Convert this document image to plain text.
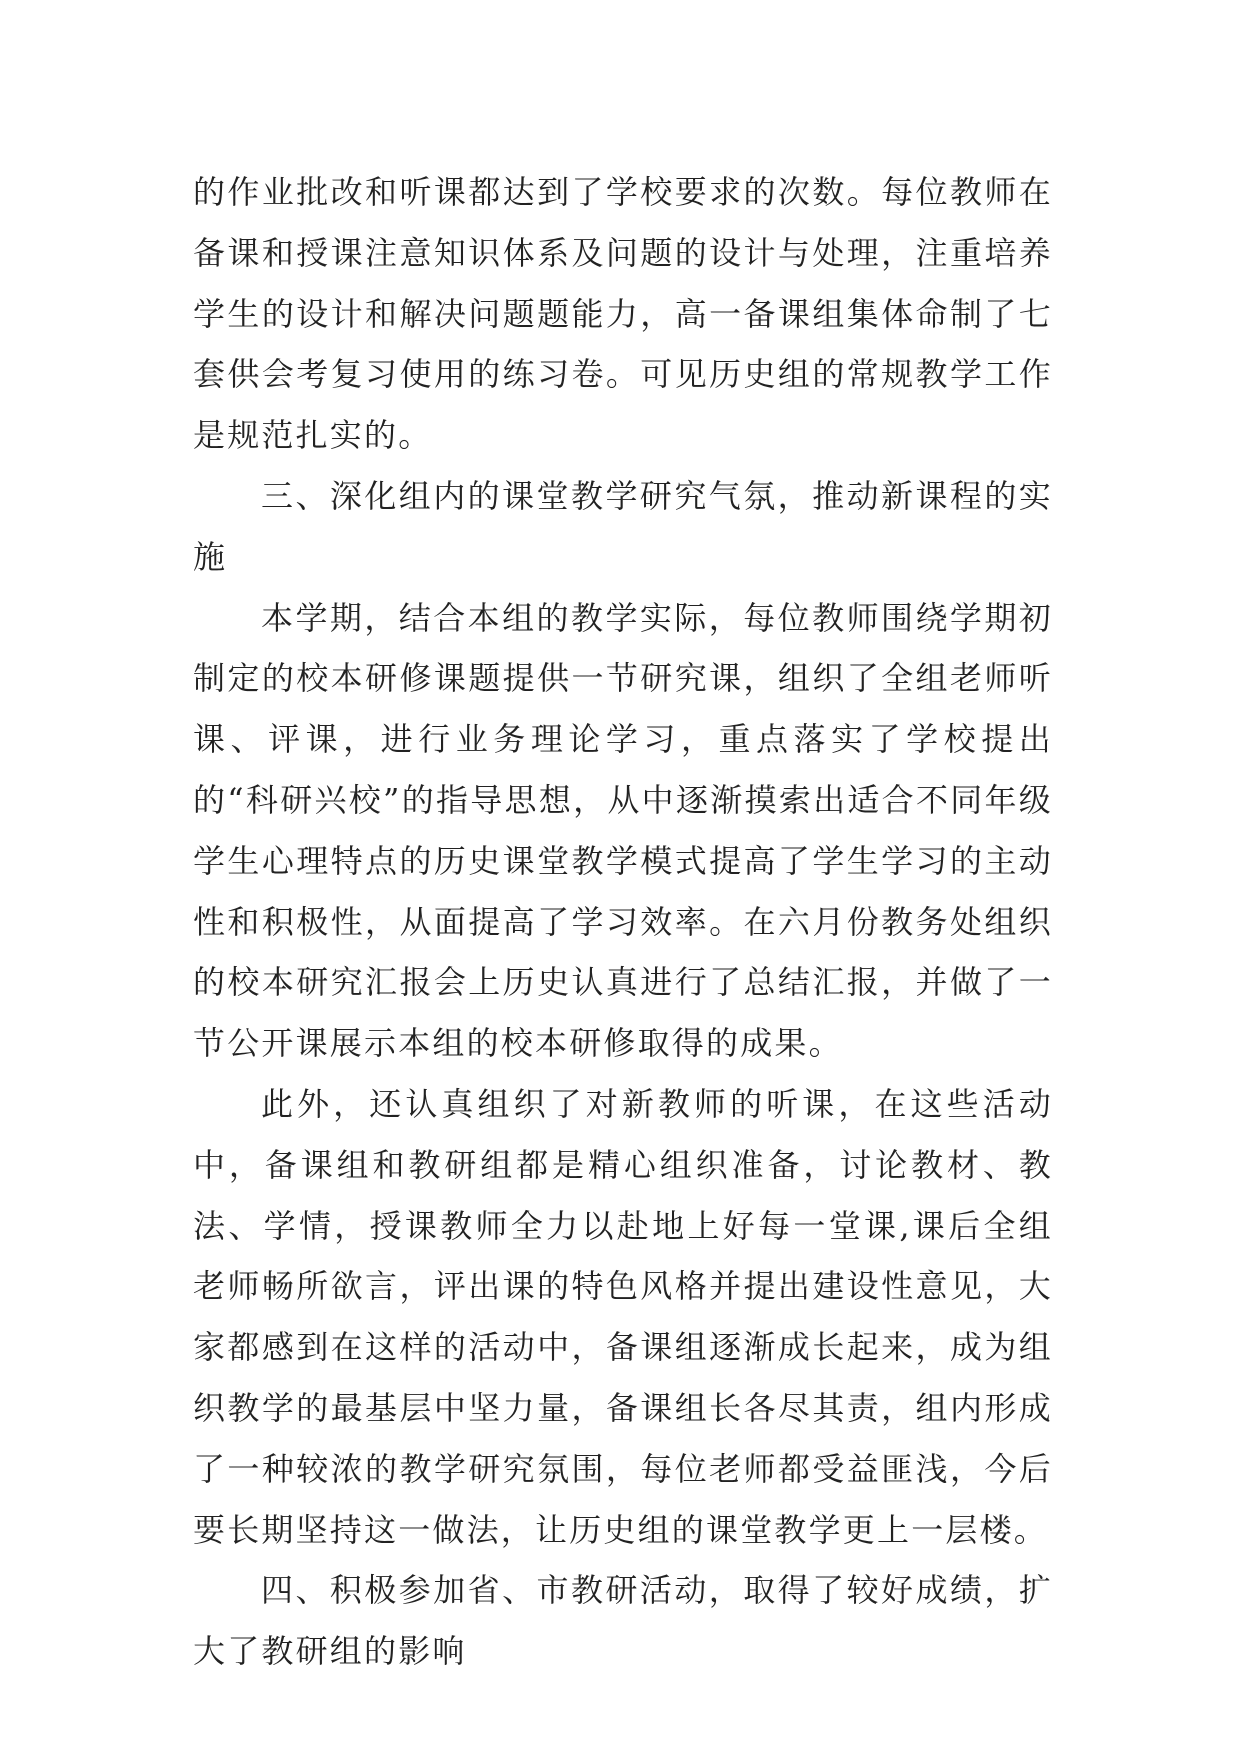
的作业批改和听课都达到了学校要求的次数。每位教师在备课和授课注意知识体系及问题的设计与处理，注重培养学生的设计和解决问题题能力，高一备课组集体命制了七套供会考复习使用的练习卷。可见历史组的常规教学工作是规范扎实的。

三、深化组内的课堂教学研究气氛，推动新课程的实施

本学期，结合本组的教学实际，每位教师围绕学期初制定的校本研修课题提供一节研究课，组织了全组老师听课、评课，进行业务理论学习，重点落实了学校提出的“科研兴校”的指导思想，从中逐渐摸索出适合不同年级学生心理特点的历史课堂教学模式提高了学生学习的主动性和积极性，从面提高了学习效率。在六月份教务处组织的校本研究汇报会上历史认真进行了总结汇报，并做了一节公开课展示本组的校本研修取得的成果。

此外，还认真组织了对新教师的听课，在这些活动中，备课组和教研组都是精心组织准备，讨论教材、教法、学情，授课教师全力以赴地上好每一堂课,课后全组老师畅所欲言，评出课的特色风格并提出建设性意见，大家都感到在这样的活动中，备课组逐渐成长起来，成为组织教学的最基层中坚力量，备课组长各尽其责，组内形成了一种较浓的教学研究氛围，每位老师都受益匪浅，今后要长期坚持这一做法，让历史组的课堂教学更上一层楼。

四、积极参加省、市教研活动，取得了较好成绩，扩大了教研组的影响
